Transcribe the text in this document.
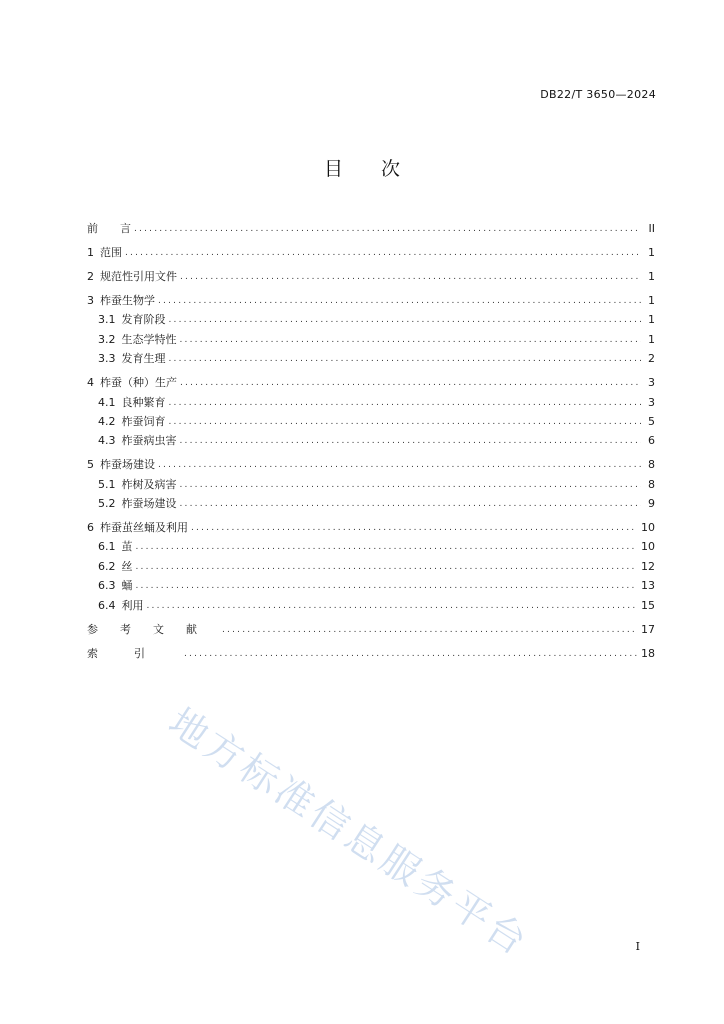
DB22/T 3650—2024
目 次
前　　言 .....	II
1 范围 .....	1
2 规范性引用文件 .....	1
3 柞蚕生物学 .....	1
3.1 发育阶段 .....	1
3.2 生态学特性 .....	1
3.3 发育生理 .....	2
4 柞蚕（种）生产 .....	3
4.1 良种繁育 .....	3
4.2 柞蚕饲育 .....	5
4.3 柞蚕病虫害 .....	6
5 柞蚕场建设 .....	8
5.1 柞树及病害 .....	8
5.2 柞蚕场建设 .....	9
6 柞蚕茧丝蛹及利用 .....	10
6.1 茧 .....	10
6.2 丝 .....	12
6.3 蛹 .....	13
6.4 利用 .....	15
参考文献 .....	17
索引 .....	18
地方标准信息服务平台	I
